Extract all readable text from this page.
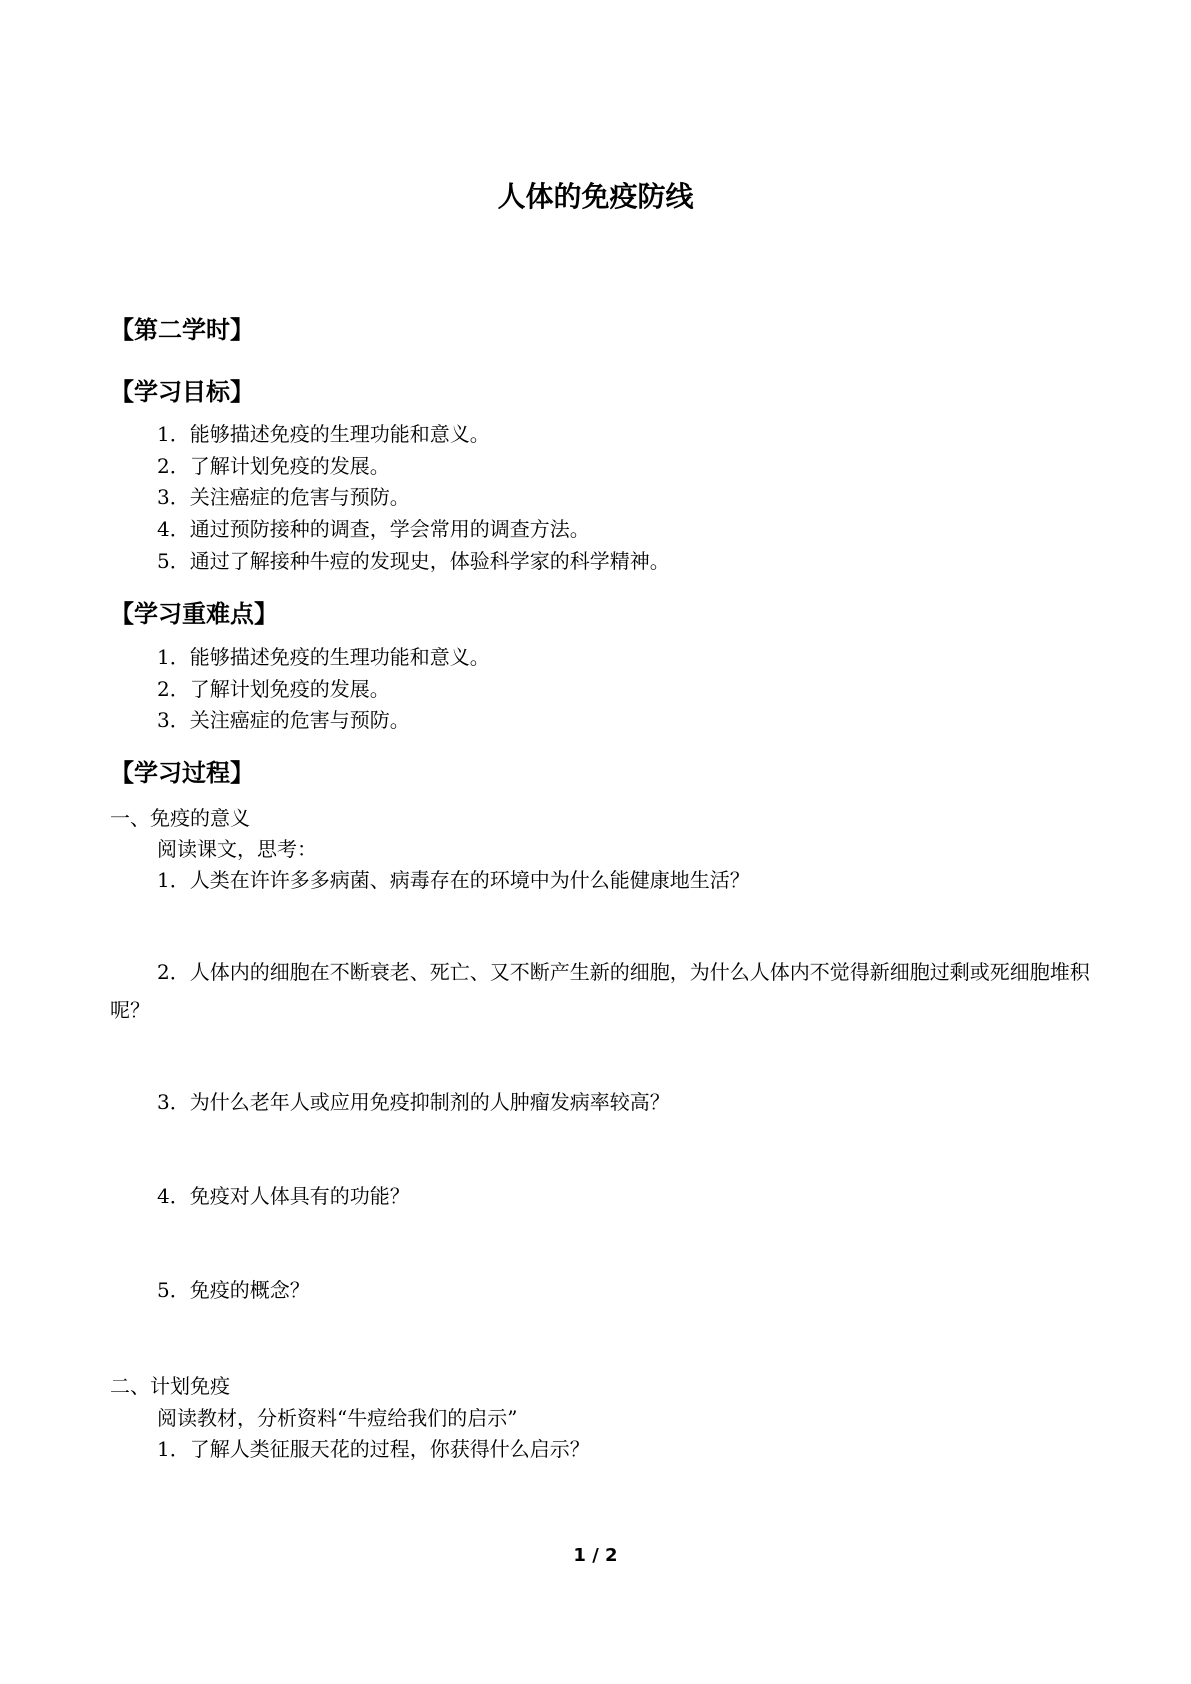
人体的免疫防线
【第二学时】
【学习目标】
1．能够描述免疫的生理功能和意义。
2．了解计划免疫的发展。
3．关注癌症的危害与预防。
4．通过预防接种的调查，学会常用的调查方法。
5．通过了解接种牛痘的发现史，体验科学家的科学精神。
【学习重难点】
1．能够描述免疫的生理功能和意义。
2．了解计划免疫的发展。
3．关注癌症的危害与预防。
【学习过程】
一、免疫的意义
阅读课文，思考：
1．人类在许许多多病菌、病毒存在的环境中为什么能健康地生活？
2．人体内的细胞在不断衰老、死亡、又不断产生新的细胞，为什么人体内不觉得新细胞过剩或死细胞堆积呢？
3．为什么老年人或应用免疫抑制剂的人肿瘤发病率较高？
4．免疫对人体具有的功能？
5．免疫的概念？
二、计划免疫
阅读教材，分析资料“牛痘给我们的启示”
1．了解人类征服天花的过程，你获得什么启示？
1 / 2
